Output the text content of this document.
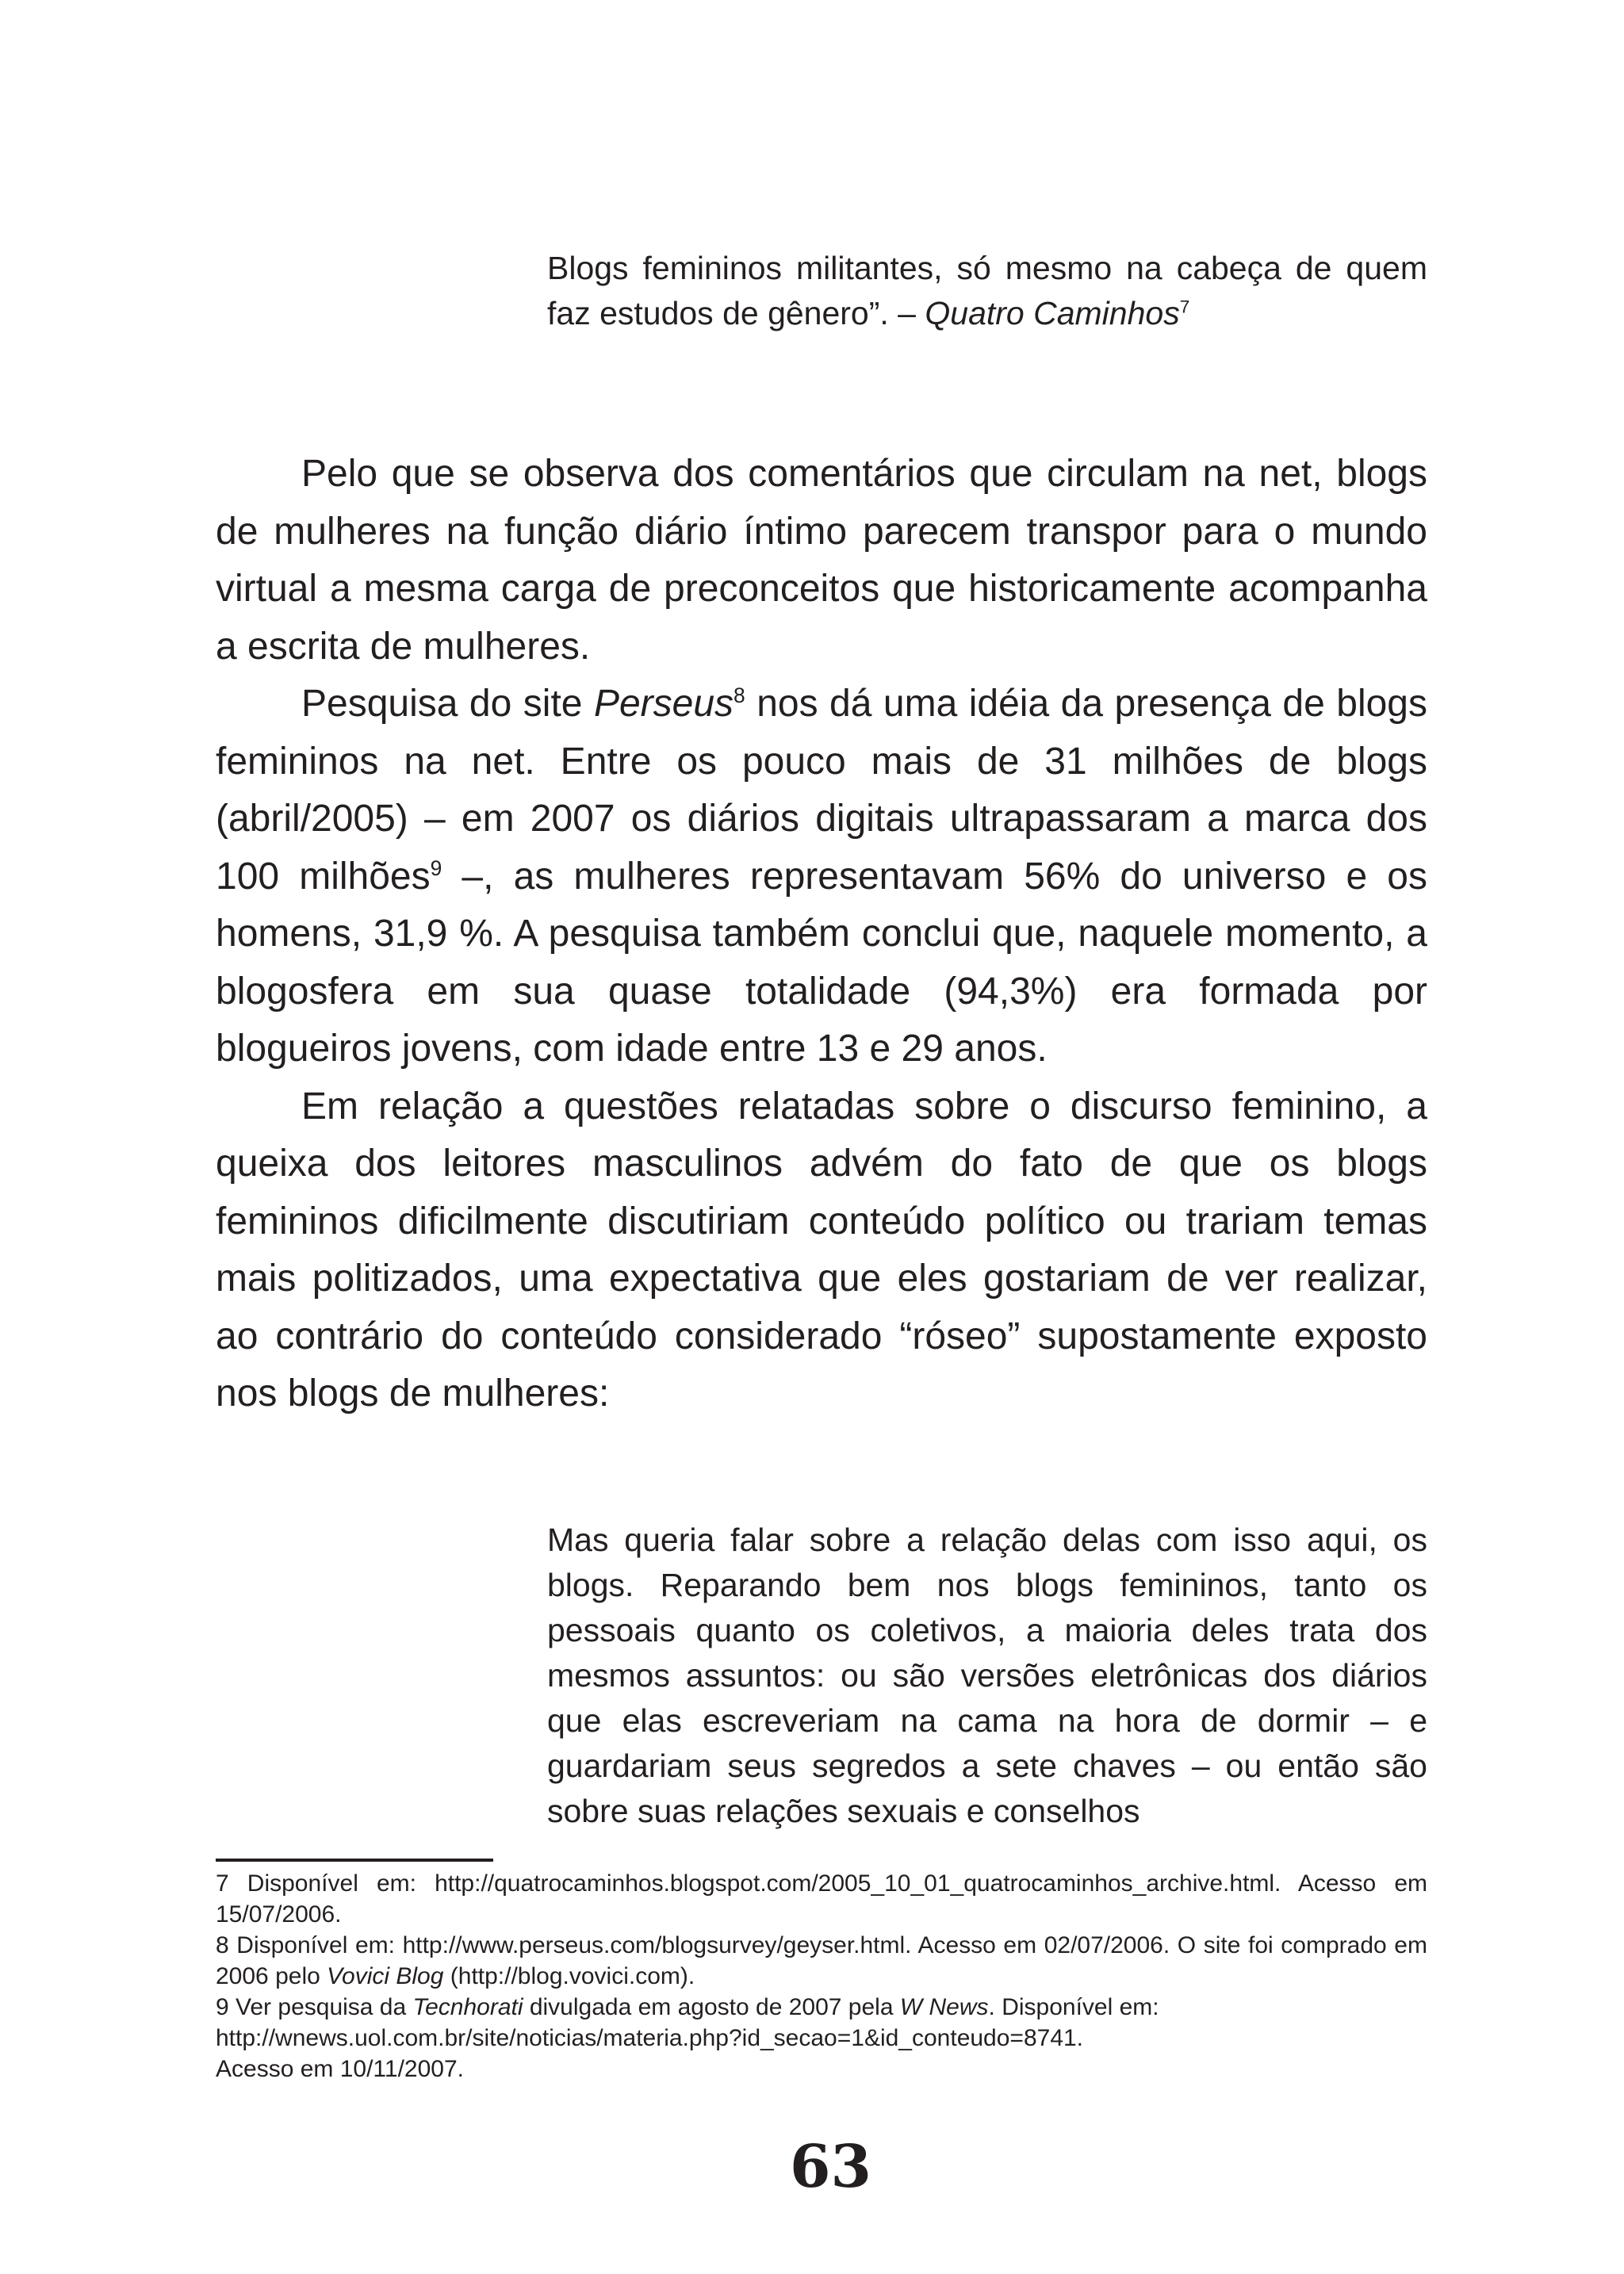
Blogs femininos militantes, só mesmo na cabeça de quem faz estudos de gênero”. – Quatro Caminhos$^7$

Pelo que se observa dos comentários que circulam na net, blogs de mulheres na função diário íntimo parecem transpor para o mundo virtual a mesma carga de preconceitos que historicamente acompanha a escrita de mulheres.

Pesquisa do site Perseus$^8$ nos dá uma idéia da presença de blogs femininos na net. Entre os pouco mais de 31 milhões de blogs (abril/2005) – em 2007 os diários digitais ultrapassaram a marca dos 100 milhões$^9$ –, as mulheres representavam 56% do universo e os homens, 31,9 %. A pesquisa também conclui que, naquele momento, a blogosfera em sua quase totalidade (94,3%) era formada por blogueiros jovens, com idade entre 13 e 29 anos.

Em relação a questões relatadas sobre o discurso feminino, a queixa dos leitores masculinos advém do fato de que os blogs femininos dificilmente discutiriam conteúdo político ou trariam temas mais politizados, uma expectativa que eles gostariam de ver realizar, ao contrário do conteúdo considerado “róseo” supostamente exposto nos blogs de mulheres:

Mas queria falar sobre a relação delas com isso aqui, os blogs. Reparando bem nos blogs femininos, tanto os pessoais quanto os coletivos, a maioria deles trata dos mesmos assuntos: ou são versões eletrônicas dos diários que elas escreveriam na cama na hora de dormir – e guardariam seus segredos a sete chaves – ou então são sobre suas relações sexuais e conselhos

7 Disponível em: http://quatrocaminhos.blogspot.com/2005_10_01_quatrocaminhos_archive.html. Acesso em 15/07/2006.

8 Disponível em: http://www.perseus.com/blogsurvey/geyser.html. Acesso em 02/07/2006. O site foi comprado em 2006 pelo Vovici Blog (http://blog.vovici.com).

9 Ver pesquisa da Tecnhorati divulgada em agosto de 2007 pela W News. Disponível em:

http://wnews.uol.com.br/site/noticias/materia.php?id_secao=1&id_conteudo=8741.

Acesso em 10/11/2007.

63
